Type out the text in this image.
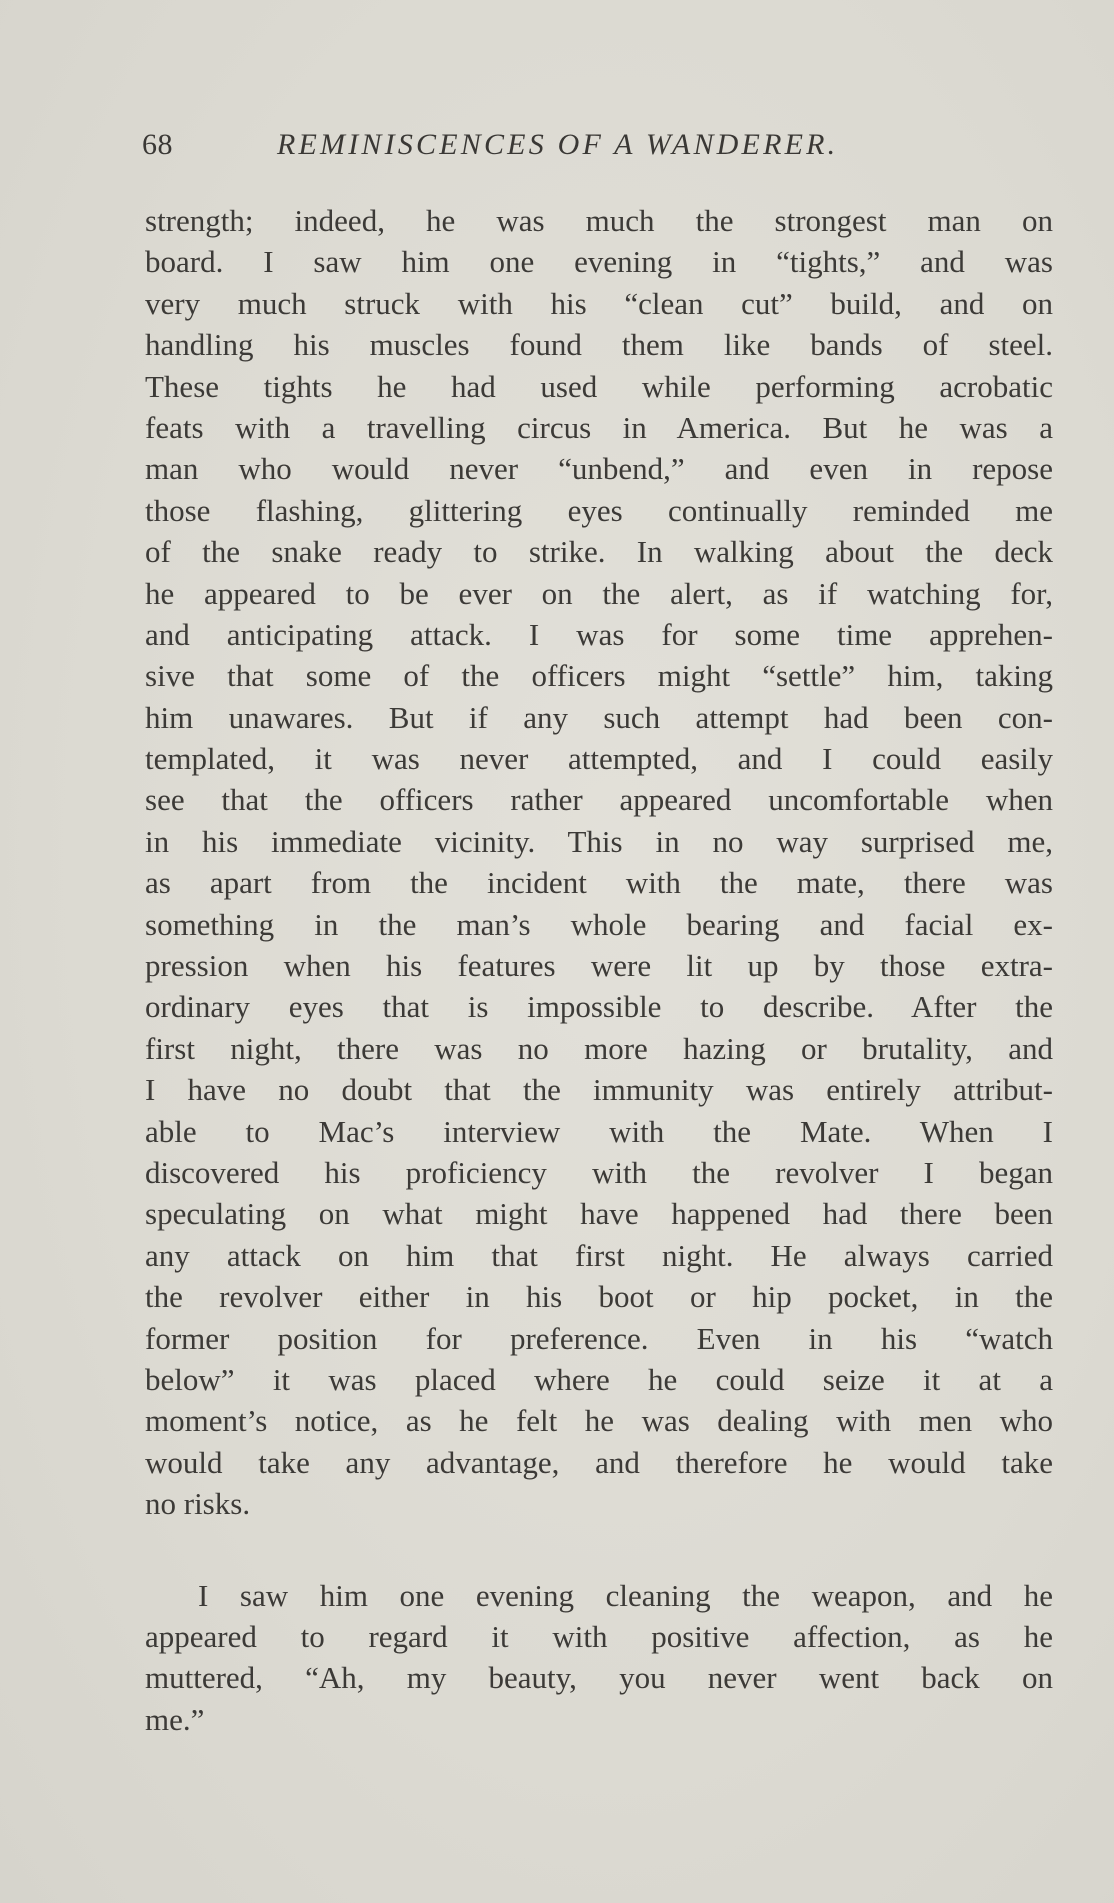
68	REMINISCENCES OF A WANDERER.
strength; indeed, he was much the strongest man on
board. I saw him one evening in “tights,” and was
very much struck with his “clean cut” build, and on
handling his muscles found them like bands of steel.
These tights he had used while performing acrobatic
feats with a travelling circus in America. But he was a
man who would never “unbend,” and even in repose
those flashing, glittering eyes continually reminded me
of the snake ready to strike. In walking about the deck
he appeared to be ever on the alert, as if watching for,
and anticipating attack. I was for some time apprehen-
sive that some of the officers might “settle” him, taking
him unawares. But if any such attempt had been con-
templated, it was never attempted, and I could easily
see that the officers rather appeared uncomfortable when
in his immediate vicinity. This in no way surprised me,
as apart from the incident with the mate, there was
something in the man’s whole bearing and facial ex-
pression when his features were lit up by those extra-
ordinary eyes that is impossible to describe. After the
first night, there was no more hazing or brutality, and
I have no doubt that the immunity was entirely attribut-
able to Mac’s interview with the Mate. When I
discovered his proficiency with the revolver I began
speculating on what might have happened had there been
any attack on him that first night. He always carried
the revolver either in his boot or hip pocket, in the
former position for preference. Even in his “watch
below” it was placed where he could seize it at a
moment’s notice, as he felt he was dealing with men who
would take any advantage, and therefore he would take
no risks.
I saw him one evening cleaning the weapon, and he
appeared to regard it with positive affection, as he
muttered, “Ah, my beauty, you never went back on
me.”
